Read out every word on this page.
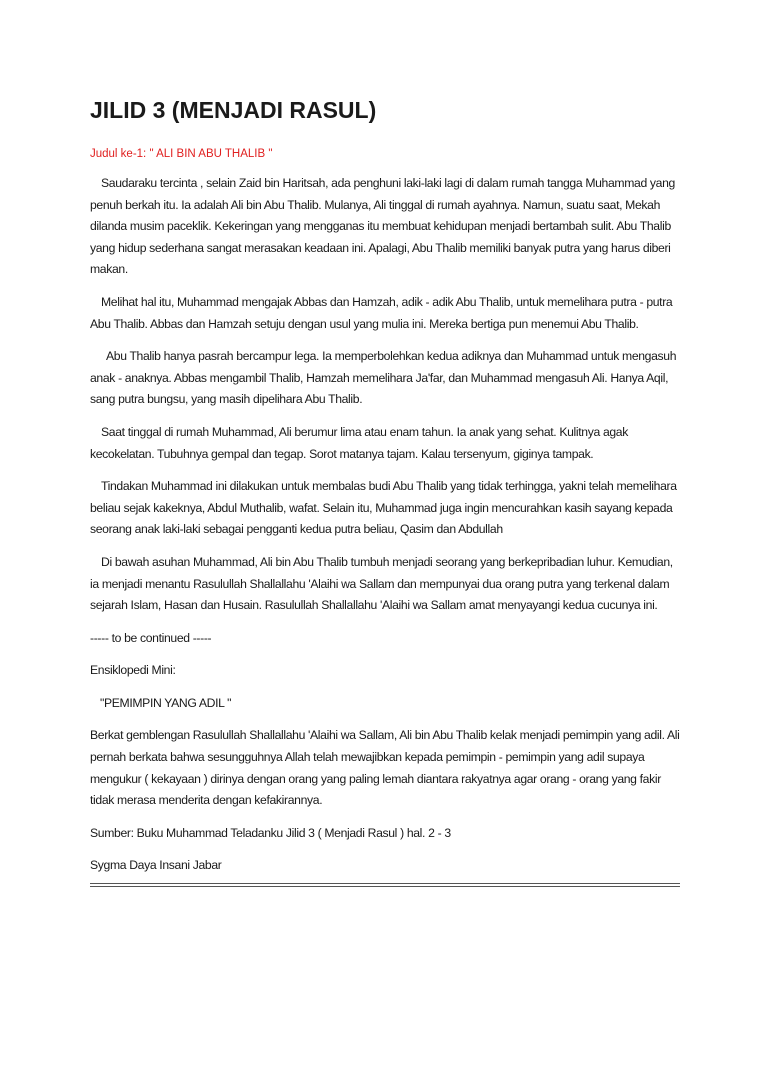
JILID 3 (MENJADI RASUL)
Judul ke-1: " ALI BIN ABU THALIB "

Saudaraku tercinta , selain Zaid bin Haritsah, ada penghuni laki-laki lagi di dalam rumah tangga Muhammad yang penuh berkah itu. Ia adalah Ali bin Abu Thalib. Mulanya, Ali tinggal di rumah ayahnya. Namun, suatu saat, Mekah dilanda musim paceklik. Kekeringan yang mengganas itu membuat kehidupan menjadi bertambah sulit. Abu Thalib yang hidup sederhana sangat merasakan keadaan ini. Apalagi, Abu Thalib memiliki banyak putra yang harus diberi makan.

Melihat hal itu, Muhammad mengajak Abbas dan Hamzah, adik - adik Abu Thalib, untuk memelihara putra - putra Abu Thalib. Abbas dan Hamzah setuju dengan usul yang mulia ini. Mereka bertiga pun menemui Abu Thalib.

Abu Thalib hanya pasrah bercampur lega. Ia memperbolehkan kedua adiknya dan Muhammad untuk mengasuh anak - anaknya. Abbas mengambil Thalib, Hamzah memelihara Ja'far, dan Muhammad mengasuh Ali. Hanya Aqil, sang putra bungsu, yang masih dipelihara Abu Thalib.

Saat tinggal di rumah Muhammad, Ali berumur lima atau enam tahun. Ia anak yang sehat. Kulitnya agak kecokelatan. Tubuhnya gempal dan tegap. Sorot matanya tajam. Kalau tersenyum, giginya tampak.

Tindakan Muhammad ini dilakukan untuk membalas budi Abu Thalib yang tidak terhingga, yakni telah memelihara beliau sejak kakeknya, Abdul Muthalib, wafat. Selain itu, Muhammad juga ingin mencurahkan kasih sayang kepada seorang anak laki-laki sebagai pengganti kedua putra beliau, Qasim dan Abdullah

Di bawah asuhan Muhammad, Ali bin Abu Thalib tumbuh menjadi seorang yang berkepribadian luhur. Kemudian, ia menjadi menantu Rasulullah Shallallahu 'Alaihi wa Sallam dan mempunyai dua orang putra yang terkenal dalam sejarah Islam, Hasan dan Husain. Rasulullah Shallallahu 'Alaihi wa Sallam amat menyayangi kedua cucunya ini.

----- to be continued -----

Ensiklopedi Mini:

"PEMIMPIN YANG ADIL "

Berkat gemblengan Rasulullah Shallallahu 'Alaihi wa Sallam, Ali bin Abu Thalib kelak menjadi pemimpin yang adil. Ali pernah berkata bahwa sesungguhnya Allah telah mewajibkan kepada pemimpin - pemimpin yang adil supaya mengukur ( kekayaan ) dirinya dengan orang yang paling lemah diantara rakyatnya agar orang - orang yang fakir tidak merasa menderita dengan kefakirannya.

Sumber: Buku Muhammad Teladanku Jilid 3 ( Menjadi Rasul ) hal. 2 - 3

Sygma Daya Insani Jabar
